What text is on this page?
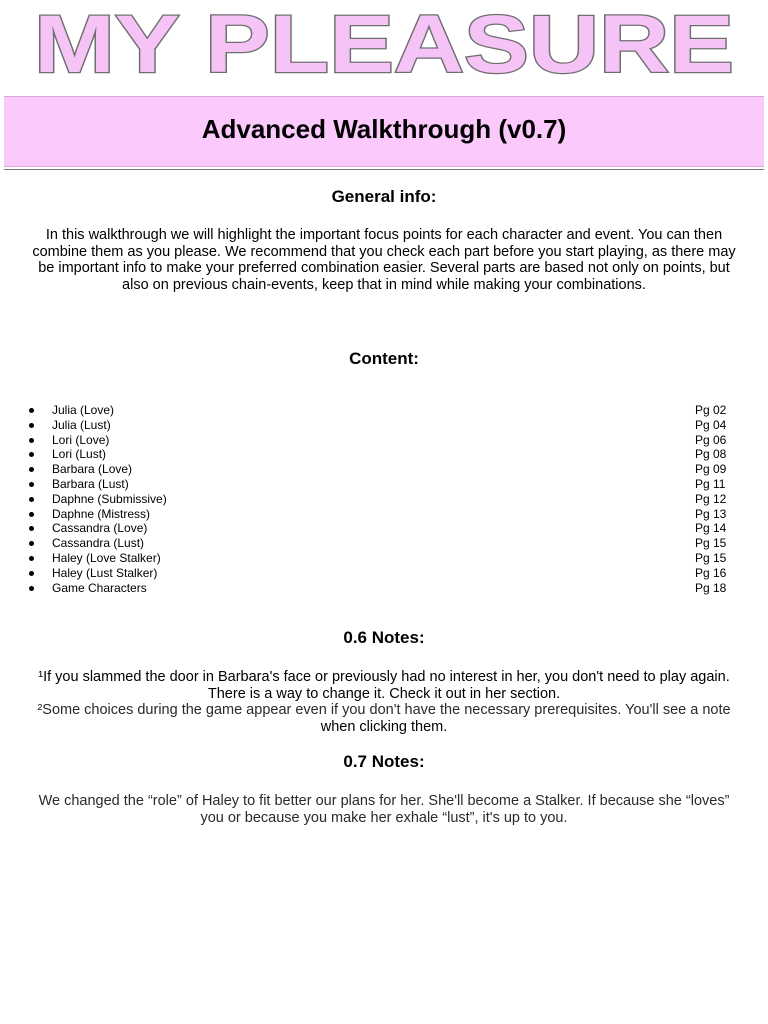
MY PLEASURE
Advanced Walkthrough (v0.7)
General info:
In this walkthrough we will highlight the important focus points for each character and event. You can then
combine them as you please. We recommend that you check each part before you start playing, as there may
be important info to make your preferred combination easier. Several parts are based not only on points, but
also on previous chain-events, keep that in mind while making your combinations.
Content:
Julia (Love)	Pg 02
Julia (Lust)	Pg 04
Lori (Love)	Pg 06
Lori (Lust)	Pg 08
Barbara (Love)	Pg 09
Barbara (Lust)	Pg 11
Daphne (Submissive)	Pg 12
Daphne (Mistress)	Pg 13
Cassandra (Love)	Pg 14
Cassandra (Lust)	Pg 15
Haley (Love Stalker)	Pg 15
Haley (Lust Stalker)	Pg 16
Game Characters	Pg 18
0.6 Notes:
¹If you slammed the door in Barbara's face or previously had no interest in her, you don't need to play again.
There is a way to change it. Check it out in her section.
²Some choices during the game appear even if you don't have the necessary prerequisites. You'll see a note
when clicking them.
0.7 Notes:
We changed the “role” of Haley to fit better our plans for her. She'll become a Stalker. If because she “loves”
you or because you make her exhale “lust”, it's up to you.
